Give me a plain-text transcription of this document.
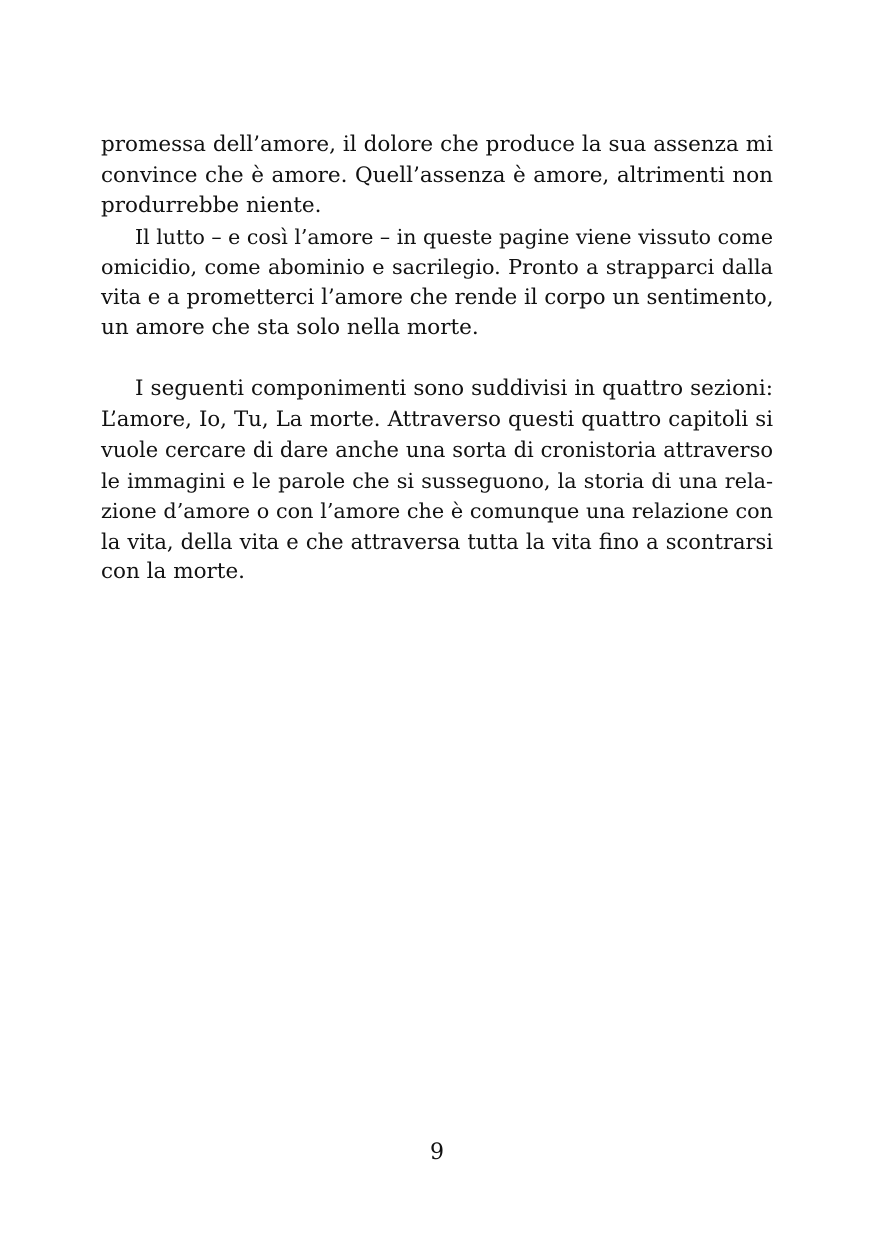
promessa dell’amore, il dolore che produce la sua assenza mi
convince che è amore. Quell’assenza è amore, altrimenti non
produrrebbe niente.
Il lutto – e così l’amore – in queste pagine viene vissuto come
omicidio, come abominio e sacrilegio. Pronto a strapparci dalla
vita e a prometterci l’amore che rende il corpo un sentimento,
un amore che sta solo nella morte.
I seguenti componimenti sono suddivisi in quattro sezioni:
L’amore, Io, Tu, La morte. Attraverso questi quattro capitoli si
vuole cercare di dare anche una sorta di cronistoria attraverso
le immagini e le parole che si susseguono, la storia di una rela-
zione d’amore o con l’amore che è comunque una relazione con
la vita, della vita e che attraversa tutta la vita fino a scontrarsi
con la morte.
9
